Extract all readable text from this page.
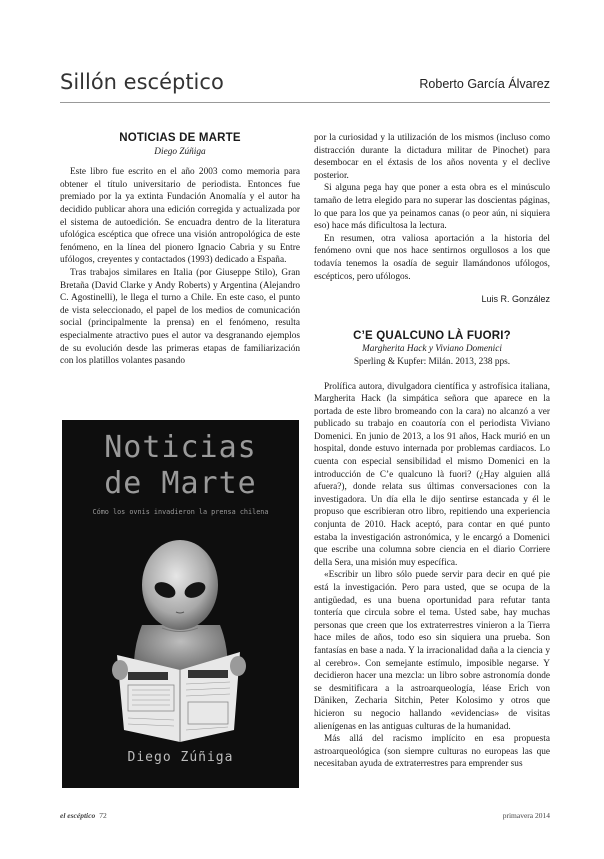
Sillón escéptico	Roberto García Álvarez
NOTICIAS DE MARTE
Diego Zúñiga

Este libro fue escrito en el año 2003 como memoria para obtener el título universitario de periodista. Entonces fue premiado por la ya extinta Fundación Anomalía y el autor ha decidido publicar ahora una edición corregida y actualizada por el sistema de autoedición. Se encuadra dentro de la literatura ufológica escéptica que ofrece una visión antropológica de este fenómeno, en la línea del pionero Ignacio Cabria y su Entre ufólogos, creyentes y contactados (1993) dedicado a España.

Tras trabajos similares en Italia (por Giuseppe Stilo), Gran Bretaña (David Clarke y Andy Roberts) y Argentina (Alejandro C. Agostinelli), le llega el turno a Chile. En este caso, el punto de vista seleccionado, el papel de los medios de comunicación social (principalmente la prensa) en el fenómeno, resulta especialmente atractivo pues el autor va desgranando ejemplos de su evolución desde las primeras etapas de familiarización con los platillos volantes pasando

Noticias
de Marte
Cómo los ovnis invadieron la prensa chilena
Diego Zúñiga

por la curiosidad y la utilización de los mismos (incluso como distracción durante la dictadura militar de Pinochet) para desembocar en el éxtasis de los años noventa y el declive posterior.

Si alguna pega hay que poner a esta obra es el minúsculo tamaño de letra elegido para no superar las doscientas páginas, lo que para los que ya peinamos canas (o peor aún, ni siquiera eso) hace más dificultosa la lectura.

En resumen, otra valiosa aportación a la historia del fenómeno ovni que nos hace sentirnos orgullosos a los que todavía tenemos la osadía de seguir llamándonos ufólogos, escépticos, pero ufólogos.

Luis R. González
C’E QUALCUNO LÀ FUORI?
Margherita Hack y Viviano Domenici
Sperling & Kupfer: Milán. 2013, 238 pps.

Prolífica autora, divulgadora científica y astrofísica italiana, Margherita Hack (la simpática señora que aparece en la portada de este libro bromeando con la cara) no alcanzó a ver publicado su trabajo en coautoría con el periodista Viviano Domenici. En junio de 2013, a los 91 años, Hack murió en un hospital, donde estuvo internada por problemas cardiacos. Lo cuenta con especial sensibilidad el mismo Domenici en la introducción de C’e qualcuno là fuori? (¿Hay alguien allá afuera?), donde relata sus últimas conversaciones con la investigadora. Un día ella le dijo sentirse estancada y él le propuso que escribieran otro libro, repitiendo una experiencia conjunta de 2010. Hack aceptó, para contar en qué punto estaba la investigación astronómica, y le encargó a Domenici que escribe una columna sobre ciencia en el diario Corriere della Sera, una misión muy específica.

«Escribir un libro sólo puede servir para decir en qué pie está la investigación. Pero para usted, que se ocupa de la antigüedad, es una buena oportunidad para refutar tanta tontería que circula sobre el tema. Usted sabe, hay muchas personas que creen que los extraterrestres vinieron a la Tierra hace miles de años, todo eso sin siquiera una prueba. Son fantasías en base a nada. Y la irracionalidad daña a la ciencia y al cerebro». Con semejante estímulo, imposible negarse. Y decidieron hacer una mezcla: un libro sobre astronomía donde se desmitificara a la astroarqueología, léase Erich von Däniken, Zecharia Sitchin, Peter Kolosimo y otros que hicieron su negocio hallando «evidencias» de visitas alienígenas en las antiguas culturas de la humanidad.

Más allá del racismo implícito en esa propuesta astroarqueológica (son siempre culturas no europeas las que necesitaban ayuda de extraterrestres para emprender sus

el escéptico 72	primavera 2014
